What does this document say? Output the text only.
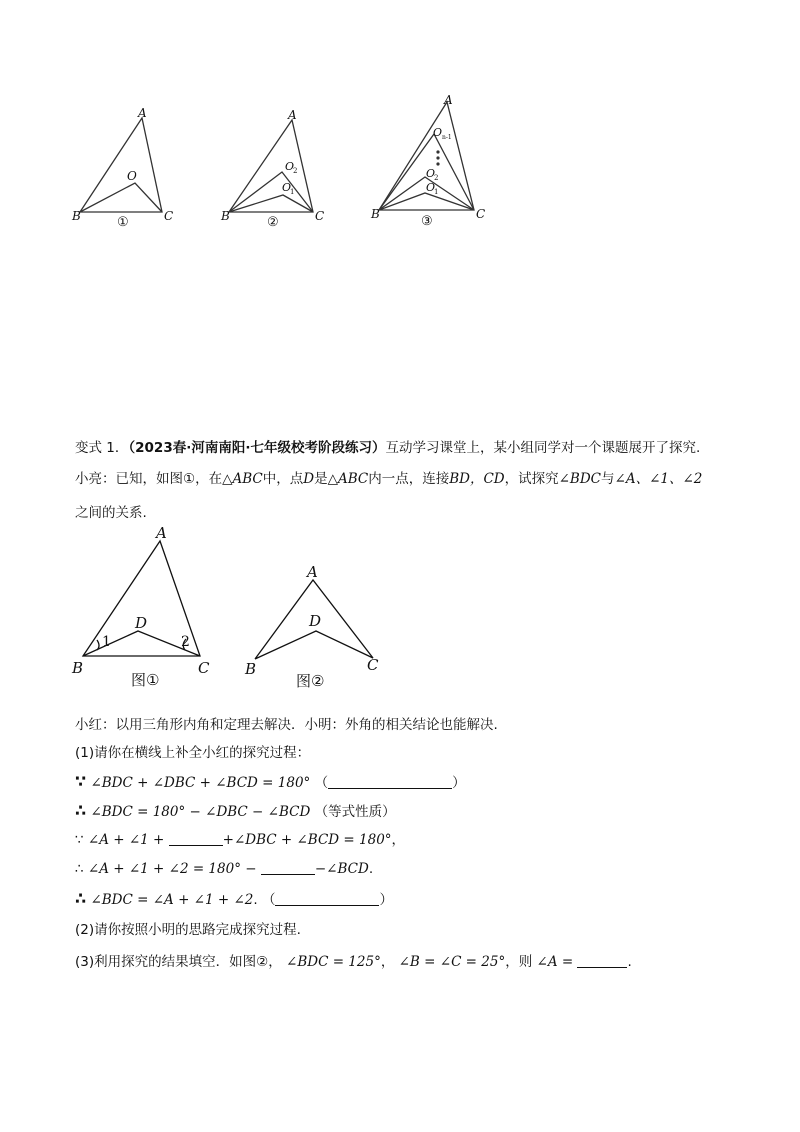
A
O
B	C
①
A
O
2
O
1
B	C
②
A
O n-1
O
2
O
1
B	C
③
变式 1．（2023春·河南南阳·七年级校考阶段练习）互动学习课堂上，某小组同学对一个课题展开了探究.
小亮：已知，如图①，在△ABC中，点D是△ABC内一点，连接BD，CD，试探究∠BDC与∠A、∠1、∠2
之间的关系.
A
D
1	2
B	C
图①
A
D
B	C
图②
小红：以用三角形内角和定理去解决．小明：外角的相关结论也能解决.
(1)请你在横线上补全小红的探究过程：
∵ ∠BDC + ∠DBC + ∠BCD = 180° （	）
∴ ∠BDC = 180° − ∠DBC − ∠BCD （等式性质）
∵ ∠A + ∠1 +	+∠DBC + ∠BCD = 180°，
∴ ∠A + ∠1 + ∠2 = 180° −	−∠BCD.
∴ ∠BDC = ∠A + ∠1 + ∠2. （	）
(2)请你按照小明的思路完成探究过程.
(3)利用探究的结果填空．如图②， ∠BDC = 125°， ∠B = ∠C = 25°，则 ∠A =	.
